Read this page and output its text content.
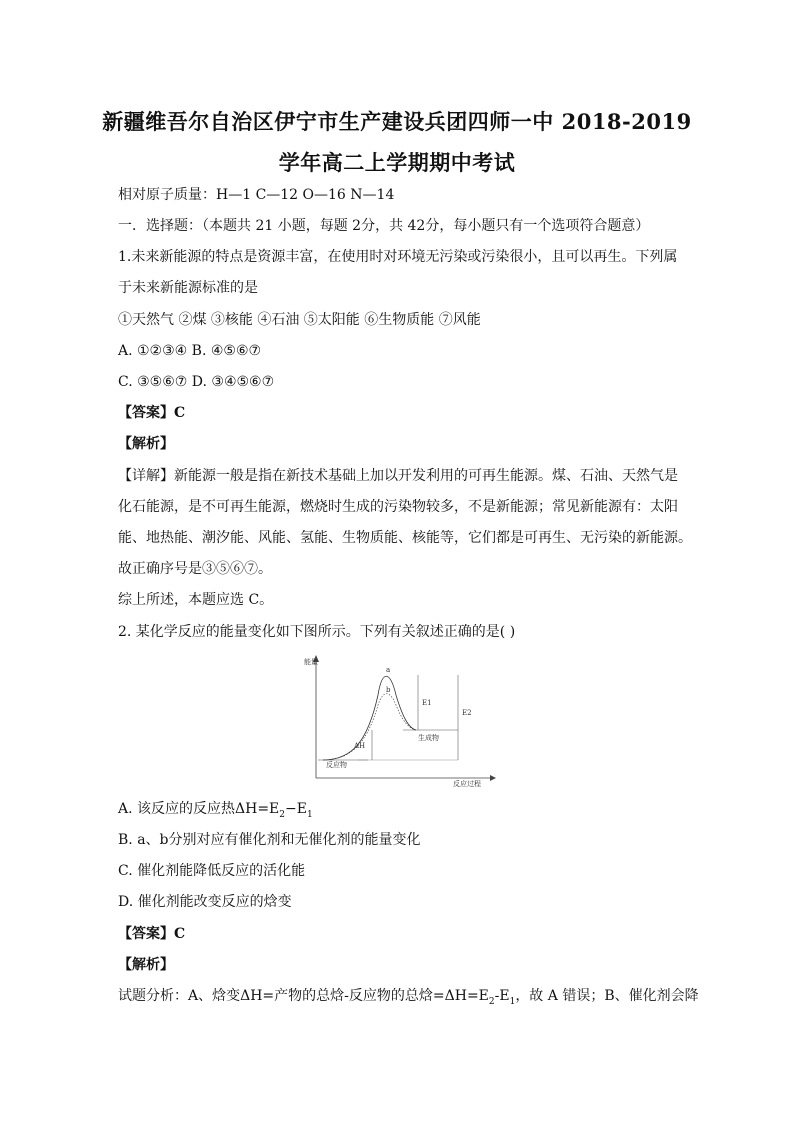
新疆维吾尔自治区伊宁市生产建设兵团四师一中 2018-2019
学年高二上学期期中考试
相对原子质量：H—1 C—12 O—16 N—14
一．选择题：（本题共 21 小题，每题 2分，共 42分，每小题只有一个选项符合题意）
1.未来新能源的特点是资源丰富，在使用时对环境无污染或污染很小，且可以再生。下列属
于未来新能源标准的是
①天然气 ②煤 ③核能 ④石油 ⑤太阳能 ⑥生物质能 ⑦风能
A. ①②③④ B. ④⑤⑥⑦
C. ③⑤⑥⑦ D. ③④⑤⑥⑦
【答案】C
【解析】
【详解】新能源一般是指在新技术基础上加以开发利用的可再生能源。煤、石油、天然气是
化石能源，是不可再生能源，燃烧时生成的污染物较多，不是新能源；常见新能源有：太阳
能、地热能、潮汐能、风能、氢能、生物质能、核能等，它们都是可再生、无污染的新能源。
故正确序号是③⑤⑥⑦。
综上所述，本题应选 C。
2. 某化学反应的能量变化如下图所示。下列有关叙述正确的是( )
能量
反应过程
a
b
E1
E2
ΔH
反应物
生成物
A. 该反应的反应热$\Delta H=E_2-E_1$
B. a、b分别对应有催化剂和无催化剂的能量变化
C. 催化剂能降低反应的活化能
D. 催化剂能改变反应的焓变
【答案】C
【解析】
试题分析：A、焓变ΔH=产物的总焓-反应物的总焓$=\Delta H=E_2-E_1$，故 A 错误；B、催化剂会降
